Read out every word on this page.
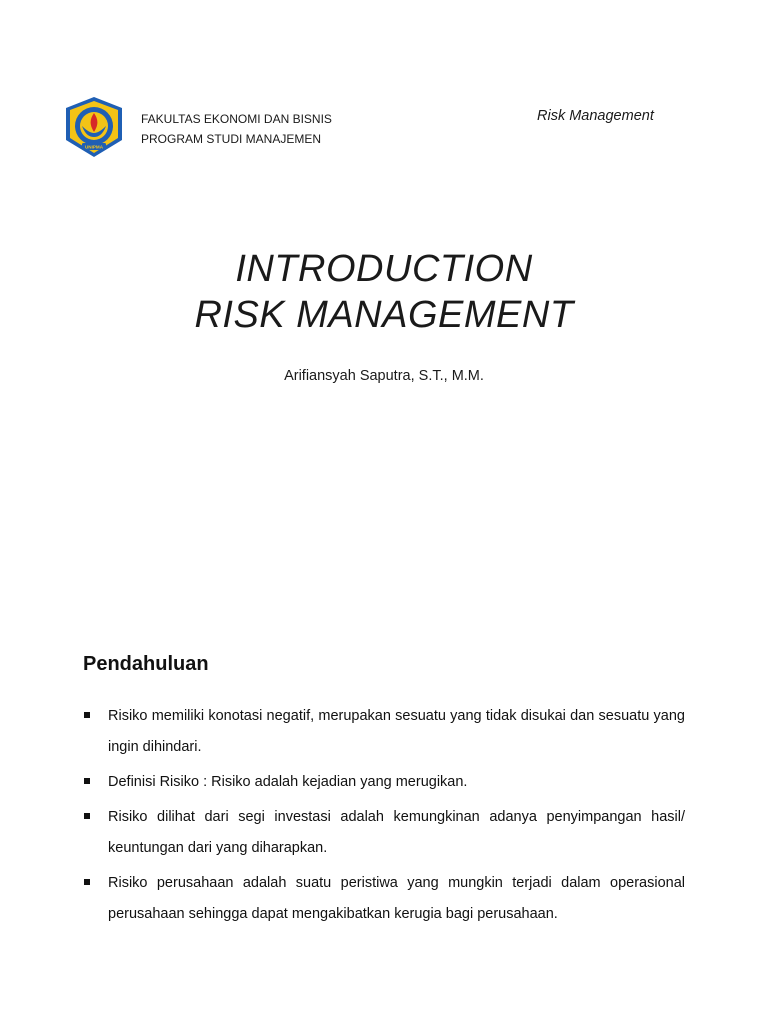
UNIPMA
FAKULTAS EKONOMI DAN BISNIS
PROGRAM STUDI MANAJEMEN
Risk Management
INTRODUCTION
RISK MANAGEMENT
Arifiansyah Saputra, S.T., M.M.
Pendahuluan
Risiko memiliki konotasi negatif, merupakan sesuatu yang tidak disukai dan sesuatu yang ingin dihindari.
Definisi Risiko : Risiko adalah kejadian yang merugikan.
Risiko dilihat dari segi investasi adalah kemungkinan adanya penyimpangan hasil/ keuntungan dari yang diharapkan.
Risiko perusahaan adalah suatu peristiwa yang mungkin terjadi dalam operasional perusahaan sehingga dapat mengakibatkan kerugia bagi perusahaan.
